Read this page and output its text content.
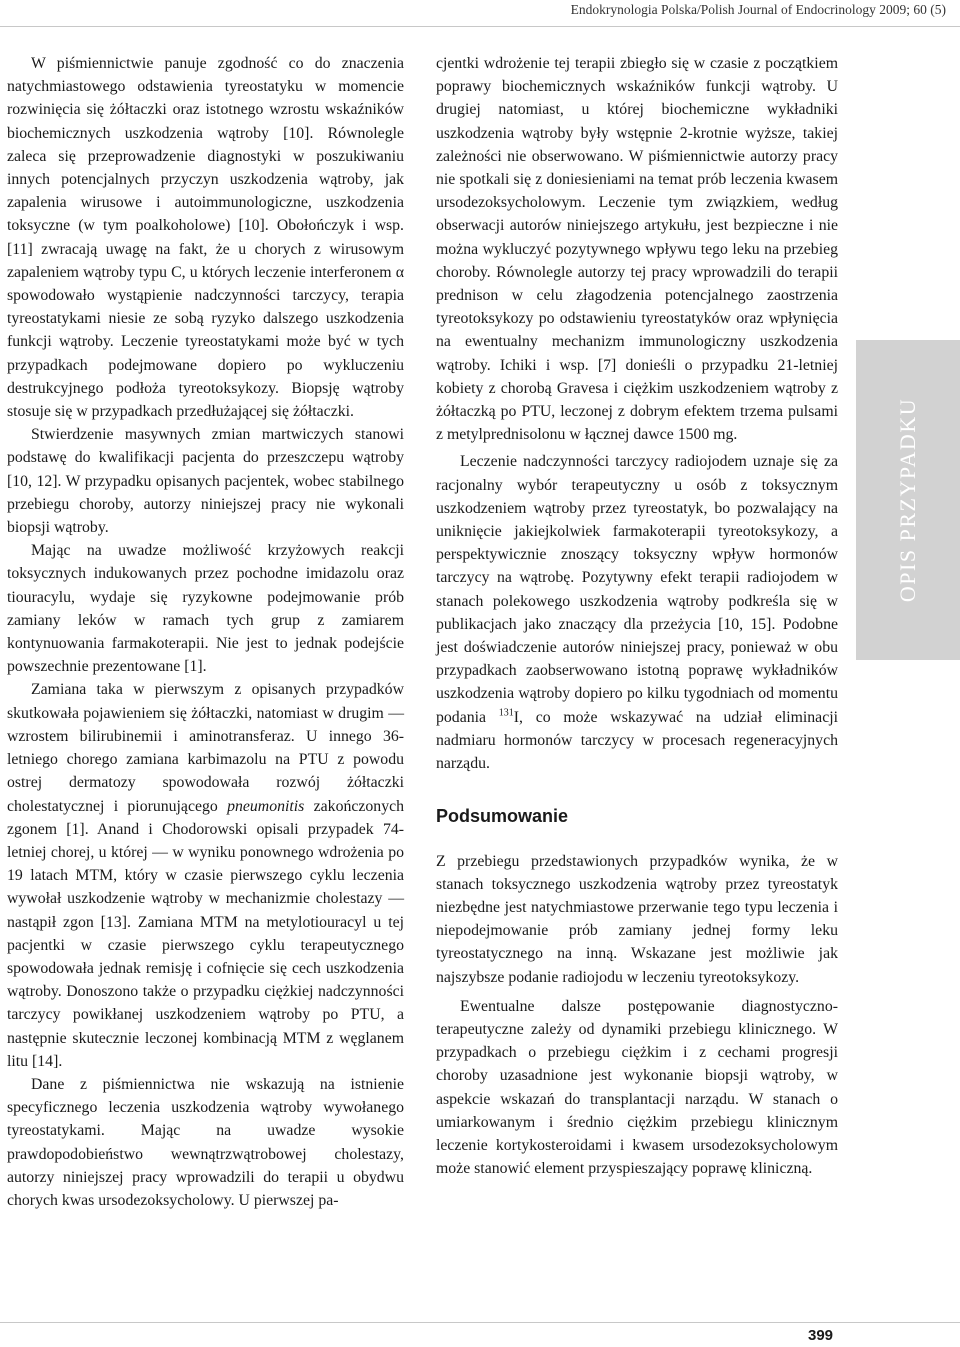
Endokrynologia Polska/Polish Journal of Endocrinology 2009; 60 (5)

W piśmiennictwie panuje zgodność co do znaczenia natychmiastowego odstawienia tyreostatyku w momencie rozwinięcia się żółtaczki oraz istotnego wzrostu wskaźników biochemicznych uszkodzenia wątroby [10]. Równolegle zaleca się przeprowadzenie diagnostyki w poszukiwaniu innych potencjalnych przyczyn uszkodzenia wątroby, jak zapalenia wirusowe i autoimmunologiczne, uszkodzenia toksyczne (w tym poalkoholowe) [10]. Obołończyk i wsp. [11] zwracają uwagę na fakt, że u chorych z wirusowym zapaleniem wątroby typu C, u których leczenie interferonem α spowodowało wystąpienie nadczynności tarczycy, terapia tyreostatykami niesie ze sobą ryzyko dalszego uszkodzenia funkcji wątroby. Leczenie tyreostatykami może być w tych przypadkach podejmowane dopiero po wykluczeniu destrukcyjnego podłoża tyreotoksykozy. Biopsję wątroby stosuje się w przypadkach przedłużającej się żółtaczki.

Stwierdzenie masywnych zmian martwiczych stanowi podstawę do kwalifikacji pacjenta do przeszczepu wątroby [10, 12]. W przypadku opisanych pacjentek, wobec stabilnego przebiegu choroby, autorzy niniejszej pracy nie wykonali biopsji wątroby.

Mając na uwadze możliwość krzyżowych reakcji toksycznych indukowanych przez pochodne imidazolu oraz tiouracylu, wydaje się ryzykowne podejmowanie prób zamiany leków w ramach tych grup z zamiarem kontynuowania farmakoterapii. Nie jest to jednak podejście powszechnie prezentowane [1].

Zamiana taka w pierwszym z opisanych przypadków skutkowała pojawieniem się żółtaczki, natomiast w drugim — wzrostem bilirubinemii i aminotransferaz. U innego 36-letniego chorego zamiana karbimazolu na PTU z powodu ostrej dermatozy spowodowała rozwój żółtaczki cholestatycznej i piorunującego pneumonitis zakończonych zgonem [1]. Anand i Chodorowski opisali przypadek 74-letniej chorej, u której — w wyniku ponownego wdrożenia po 19 latach MTM, który w czasie pierwszego cyklu leczenia wywołał uszkodzenie wątroby w mechanizmie cholestazy — nastąpił zgon [13]. Zamiana MTM na metylotiouracyl u tej pacjentki w czasie pierwszego cyklu terapeutycznego spowodowała jednak remisję i cofnięcie się cech uszkodzenia wątroby. Donoszono także o przypadku ciężkiej nadczynności tarczycy powikłanej uszkodzeniem wątroby po PTU, a następnie skutecznie leczonej kombinacją MTM z węglanem litu [14].

Dane z piśmiennictwa nie wskazują na istnienie specyficznego leczenia uszkodzenia wątroby wywołanego tyreostatykami. Mając na uwadze wysokie prawdopodobieństwo wewnątrzwątrobowej cholestazy, autorzy niniejszej pracy wprowadzili do terapii u obydwu chorych kwas ursodezoksycholowy. U pierwszej pa-

cjentki wdrożenie tej terapii zbiegło się w czasie z początkiem poprawy biochemicznych wskaźników funkcji wątroby. U drugiej natomiast, u której biochemiczne wykładniki uszkodzenia wątroby były wstępnie 2-krotnie wyższe, takiej zależności nie obserwowano. W piśmiennictwie autorzy pracy nie spotkali się z doniesieniami na temat prób leczenia kwasem ursodezoksycholowym. Leczenie tym związkiem, według obserwacji autorów niniejszego artykułu, jest bezpieczne i nie można wykluczyć pozytywnego wpływu tego leku na przebieg choroby. Równolegle autorzy tej pracy wprowadzili do terapii prednison w celu złagodzenia potencjalnego zaostrzenia tyreotoksykozy po odstawieniu tyreostatyków oraz wpłynięcia na ewentualny mechanizm immunologiczny uszkodzenia wątroby. Ichiki i wsp. [7] donieśli o przypadku 21-letniej kobiety z chorobą Gravesa i ciężkim uszkodzeniem wątroby z żółtaczką po PTU, leczonej z dobrym efektem trzema pulsami z metylprednisolonu w łącznej dawce 1500 mg.

Leczenie nadczynności tarczycy radiojodem uznaje się za racjonalny wybór terapeutyczny u osób z toksycznym uszkodzeniem wątroby przez tyreostatyk, bo pozwalający na uniknięcie jakiejkolwiek farmakoterapii tyreotoksykozy, a perspektywicznie znoszący toksyczny wpływ hormonów tarczycy na wątrobę. Pozytywny efekt terapii radiojodem w stanach polekowego uszkodzenia wątroby podkreśla się w publikacjach jako znaczący dla przeżycia [10, 15]. Podobne jest doświadczenie autorów niniejszej pracy, ponieważ w obu przypadkach zaobserwowano istotną poprawę wykładników uszkodzenia wątroby dopiero po kilku tygodniach od momentu podania $^{131}$I, co może wskazywać na udział eliminacji nadmiaru hormonów tarczycy w procesach regeneracyjnych narządu.

Podsumowanie

Z przebiegu przedstawionych przypadków wynika, że w stanach toksycznego uszkodzenia wątroby przez tyreostatyk niezbędne jest natychmiastowe przerwanie tego typu leczenia i niepodejmowanie prób zamiany jednej formy leku tyreostatycznego na inną. Wskazane jest możliwie jak najszybsze podanie radiojodu w leczeniu tyreotoksykozy.

Ewentualne dalsze postępowanie diagnostyczno-terapeutyczne zależy od dynamiki przebiegu klinicznego. W przypadkach o przebiegu ciężkim i z cechami progresji choroby uzasadnione jest wykonanie biopsji wątroby, w aspekcie wskazań do transplantacji narządu. W stanach o umiarkowanym i średnio ciężkim przebiegu klinicznym leczenie kortykosteroidami i kwasem ursodezoksycholowym może stanowić element przyspieszający poprawę kliniczną.

OPIS PRZYPADKU
399
